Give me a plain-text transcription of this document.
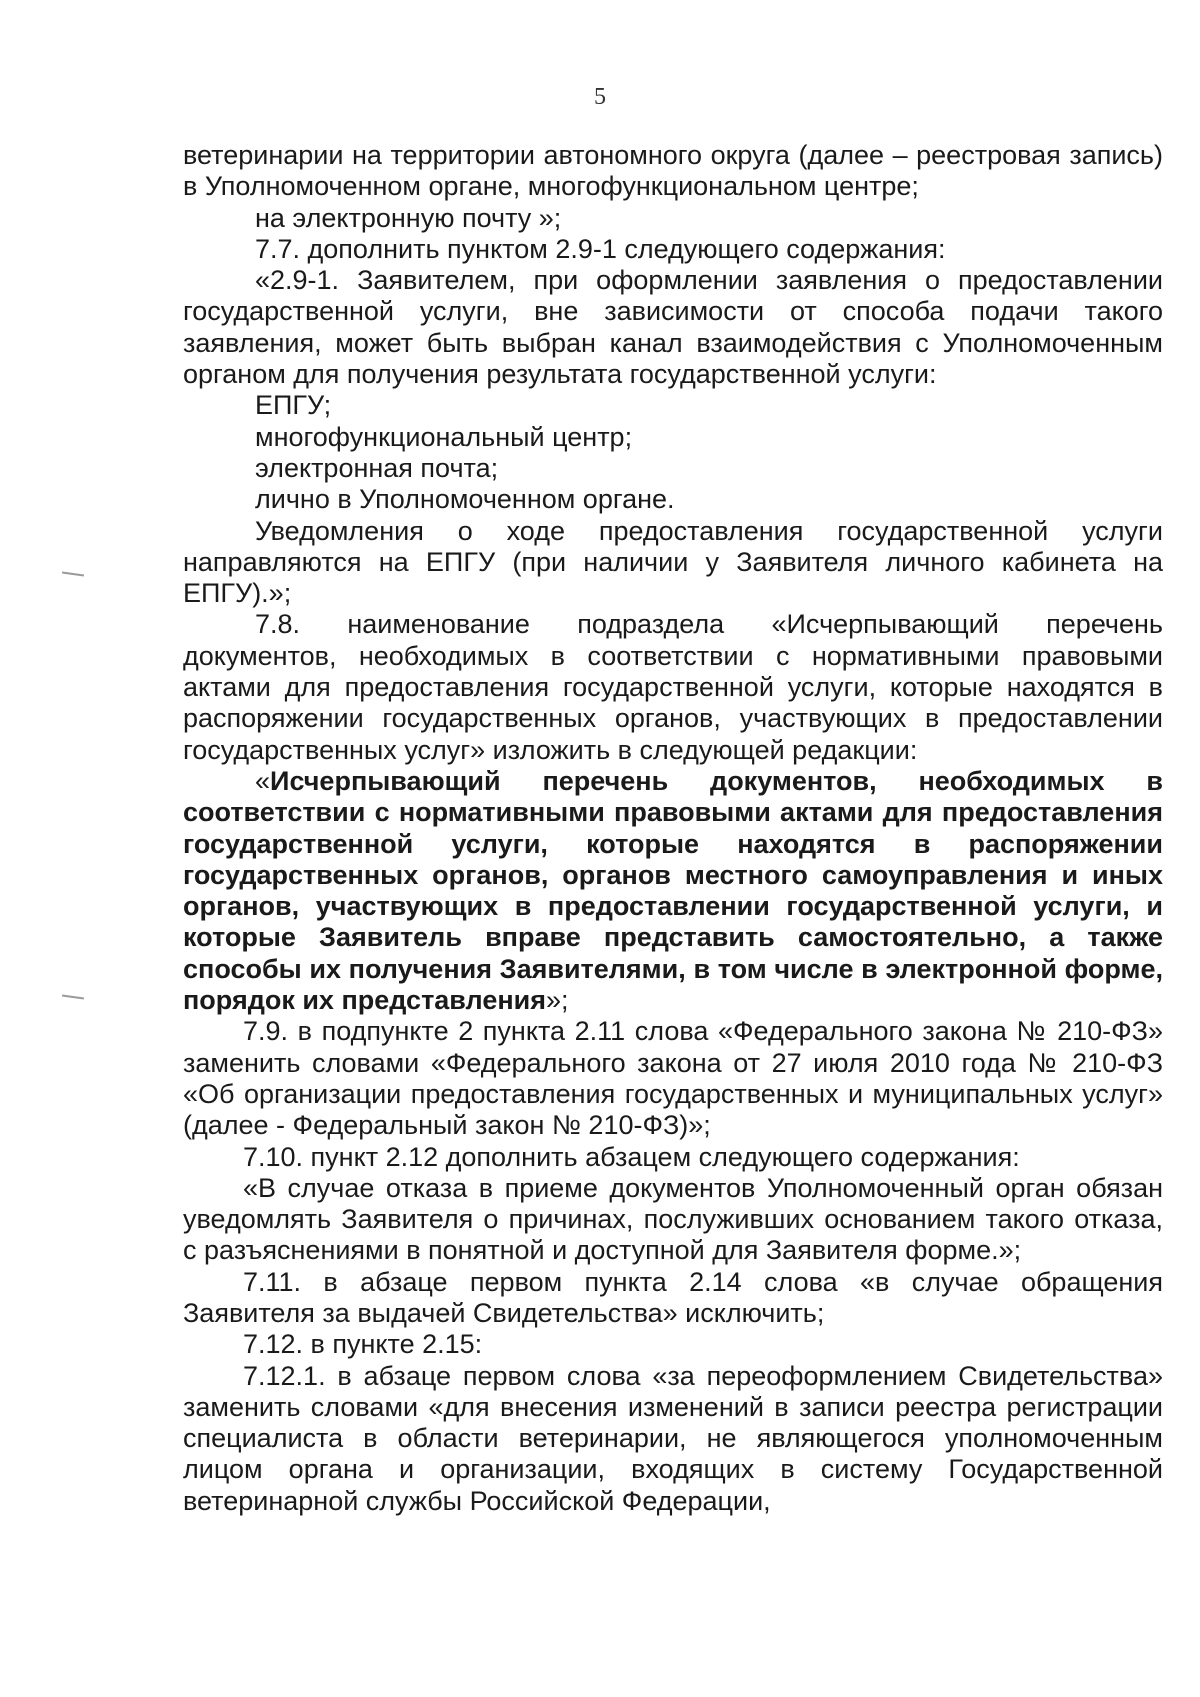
5

ветеринарии на территории автономного округа (далее – реестровая запись) в Уполномоченном органе, многофункциональном центре;

на электронную почту »;

7.7. дополнить пунктом 2.9-1 следующего содержания:

«2.9-1. Заявителем, при оформлении заявления о предоставлении государственной услуги, вне зависимости от способа подачи такого заявления, может быть выбран канал взаимодействия с Уполномоченным органом для получения результата государственной услуги:

ЕПГУ;

многофункциональный центр;

электронная почта;

лично в Уполномоченном органе.

Уведомления о ходе предоставления государственной услуги направляются на ЕПГУ (при наличии у Заявителя личного кабинета на ЕПГУ).»;

7.8. наименование подраздела «Исчерпывающий перечень документов, необходимых в соответствии с нормативными правовыми актами для предоставления государственной услуги, которые находятся в распоряжении государственных органов, участвующих в предоставлении государственных услуг» изложить в следующей редакции:

«Исчерпывающий перечень документов, необходимых в соответствии с нормативными правовыми актами для предоставления государственной услуги, которые находятся в распоряжении государственных органов, органов местного самоуправления и иных органов, участвующих в предоставлении государственной услуги, и которые Заявитель вправе представить самостоятельно, а также способы их получения Заявителями, в том числе в электронной форме, порядок их представления»;

7.9. в подпункте 2 пункта 2.11 слова «Федерального закона № 210-ФЗ» заменить словами «Федерального закона от 27 июля 2010 года № 210-ФЗ «Об организации предоставления государственных и муниципальных услуг» (далее - Федеральный закон № 210-ФЗ)»;

7.10. пункт 2.12 дополнить абзацем следующего содержания:

«В случае отказа в приеме документов Уполномоченный орган обязан уведомлять Заявителя о причинах, послуживших основанием такого отказа, с разъяснениями в понятной и доступной для Заявителя форме.»;

7.11. в абзаце первом пункта 2.14 слова «в случае обращения Заявителя за выдачей Свидетельства» исключить;

7.12. в пункте 2.15:

7.12.1. в абзаце первом слова «за переоформлением Свидетельства» заменить словами «для внесения изменений в записи реестра регистрации специалиста в области ветеринарии, не являющегося уполномоченным лицом органа и организации, входящих в систему Государственной ветеринарной службы Российской Федерации,
